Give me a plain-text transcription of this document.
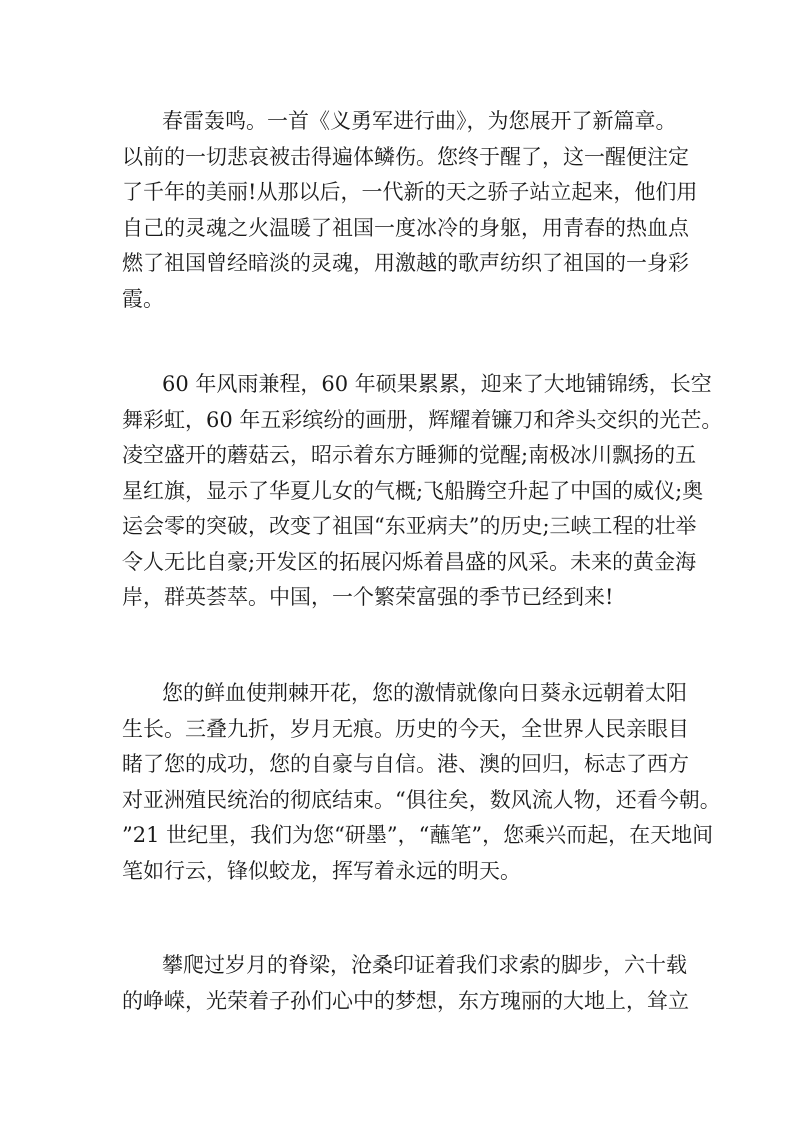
春雷轰鸣。一首《义勇军进行曲》，为您展开了新篇章。
以前的一切悲哀被击得遍体鳞伤。您终于醒了，这一醒便注定
了千年的美丽!从那以后，一代新的天之骄子站立起来，他们用
自己的灵魂之火温暖了祖国一度冰冷的身躯，用青春的热血点
燃了祖国曾经暗淡的灵魂，用激越的歌声纺织了祖国的一身彩
霞。
60 年风雨兼程，60 年硕果累累，迎来了大地铺锦绣，长空
舞彩虹，60 年五彩缤纷的画册，辉耀着镰刀和斧头交织的光芒。
凌空盛开的蘑菇云，昭示着东方睡狮的觉醒;南极冰川飘扬的五
星红旗，显示了华夏儿女的气概;飞船腾空升起了中国的威仪;奥
运会零的突破，改变了祖国“东亚病夫”的历史;三峡工程的壮举
令人无比自豪;开发区的拓展闪烁着昌盛的风采。未来的黄金海
岸，群英荟萃。中国，一个繁荣富强的季节已经到来!
您的鲜血使荆棘开花，您的激情就像向日葵永远朝着太阳
生长。三叠九折，岁月无痕。历史的今天，全世界人民亲眼目
睹了您的成功，您的自豪与自信。港、澳的回归，标志了西方
对亚洲殖民统治的彻底结束。“俱往矣，数风流人物，还看今朝。
”21 世纪里，我们为您“研墨”，“蘸笔”，您乘兴而起，在天地间
笔如行云，锋似蛟龙，挥写着永远的明天。
攀爬过岁月的脊梁，沧桑印证着我们求索的脚步，六十载
的峥嵘，光荣着子孙们心中的梦想，东方瑰丽的大地上，耸立
